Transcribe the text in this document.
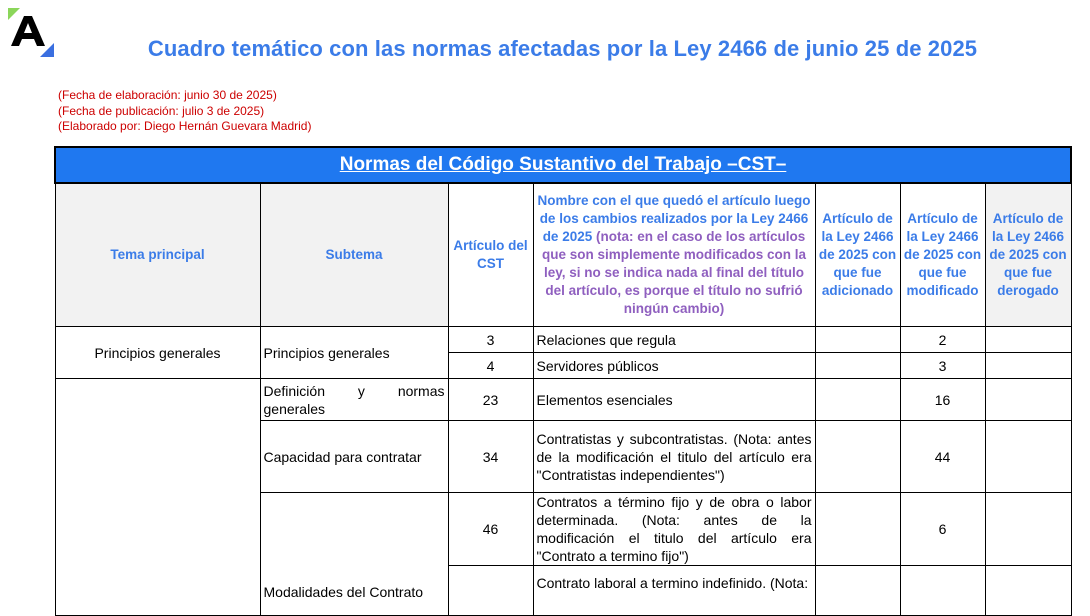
Cuadro temático con las normas afectadas por la Ley 2466 de junio 25 de 2025
(Fecha de elaboración: junio 30 de 2025)
(Fecha de publicación: julio 3 de 2025)
(Elaborado por: Diego Hernán Guevara Madrid)
Normas del Código Sustantivo del Trabajo –CST–						
Tema principal	Subtema	Artículo del CST	Nombre con el que quedó el artículo luego de los cambios realizados por la Ley 2466 de 2025 (nota: en el caso de los artículos que son simplemente modificados con la ley, si no se indica nada al final del título del artículo, es porque el título no sufrió ningún cambio)	Artículo de la Ley 2466 de 2025 con que fue adicionado	Artículo de la Ley 2466 de 2025 con que fue modificado	Artículo de la Ley 2466 de 2025 con que fue derogado
Principios generales	Principios generales	3	Relaciones que regula		2	
		4	Servidores públicos		3	
	Definición y normas generales	23	Elementos esenciales		16	
	Capacidad para contratar	34	Contratistas y subcontratistas. (Nota: antes de la modificación el titulo del artículo era "Contratistas independientes")		44	
	Modalidades del Contrato	46	Contratos a término fijo y de obra o labor determinada. (Nota: antes de la modificación el titulo del artículo era "Contrato a termino fijo")		6	
			Contrato laboral a termino indefinido. (Nota:			
